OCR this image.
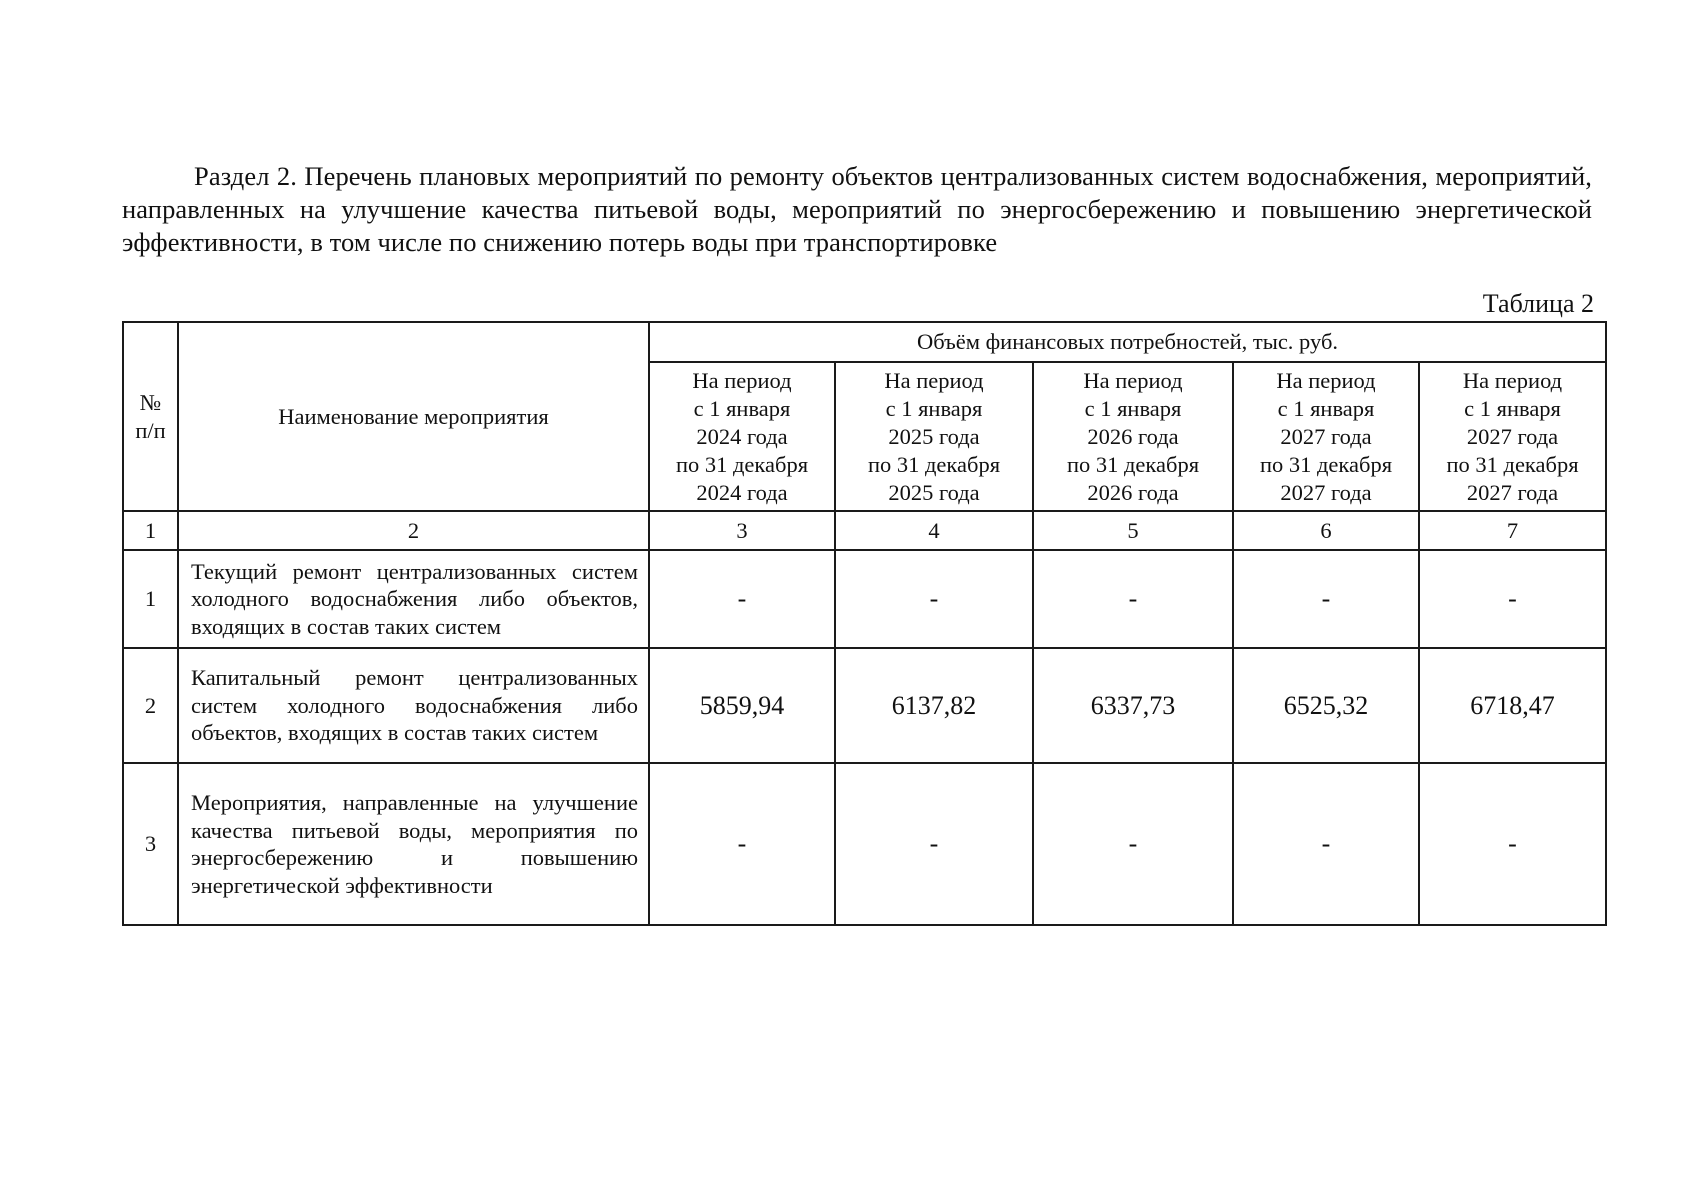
Раздел 2. Перечень плановых мероприятий по ремонту объектов централизованных систем водоснабжения, мероприятий, направленных на улучшение качества питьевой воды, мероприятий по энергосбережению и повышению энергетической эффективности, в том числе по снижению потерь воды при транспортировке
Таблица 2
№
п/п	Наименование мероприятия	Объём финансовых потребностей, тыс. руб.				

		На период
с 1 января
2024 года
по 31 декабря
2024 года	На период
с 1 января
2025 года
по 31 декабря
2025 года	На период
с 1 января
2026 года
по 31 декабря
2026 года	На период
с 1 января
2027 года
по 31 декабря
2027 года	На период
с 1 января
2027 года
по 31 декабря
2027 года

1	2	3	4	5	6	7
1	Текущий ремонт централизованных систем холодного водоснабжения либо объектов, входящих в состав таких систем	-	-	-	-	-
2	Капитальный ремонт централизованных систем холодного водоснабжения либо объектов, входящих в состав таких систем	5859,94	6137,82	6337,73	6525,32	6718,47
3	Мероприятия, направленные на улучшение качества питьевой воды, мероприятия по энергосбережению и повышению энергетической эффективности	-	-	-	-	-
